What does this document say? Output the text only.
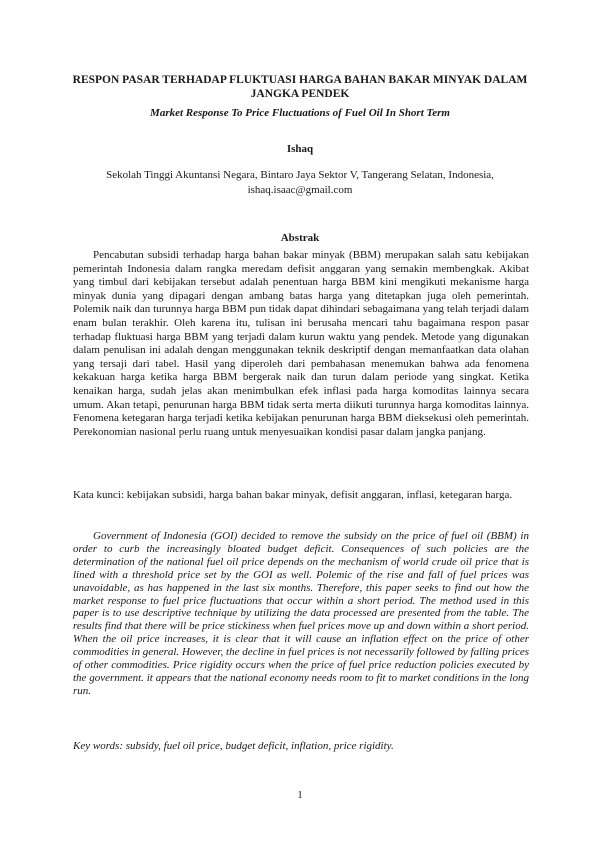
RESPON PASAR TERHADAP FLUKTUASI HARGA BAHAN BAKAR MINYAK DALAM JANGKA PENDEK
Market Response To Price Fluctuations of Fuel Oil In Short Term
Ishaq
Sekolah Tinggi Akuntansi Negara, Bintaro Jaya Sektor V, Tangerang Selatan, Indonesia,
ishaq.isaac@gmail.com
Abstrak

Pencabutan subsidi terhadap harga bahan bakar minyak (BBM) merupakan salah satu kebijakan pemerintah Indonesia dalam rangka meredam defisit anggaran yang semakin membengkak. Akibat yang timbul dari kebijakan tersebut adalah penentuan harga BBM kini mengikuti mekanisme harga minyak dunia yang dipagari dengan ambang batas harga yang ditetapkan juga oleh pemerintah. Polemik naik dan turunnya harga BBM pun tidak dapat dihindari sebagaimana yang telah terjadi dalam enam bulan terakhir. Oleh karena itu, tulisan ini berusaha mencari tahu bagaimana respon pasar terhadap fluktuasi harga BBM yang terjadi dalam kurun waktu yang pendek. Metode yang digunakan dalam penulisan ini adalah dengan menggunakan teknik deskriptif dengan memanfaatkan data olahan yang tersaji dari tabel. Hasil yang diperoleh dari pembahasan menemukan bahwa ada fenomena kekakuan harga ketika harga BBM bergerak naik dan turun dalam periode yang singkat. Ketika kenaikan harga, sudah jelas akan menimbulkan efek inflasi pada harga komoditas lainnya secara umum. Akan tetapi, penurunan harga BBM tidak serta merta diikuti turunnya harga komoditas lainnya. Fenomena ketegaran harga terjadi ketika kebijakan penurunan harga BBM dieksekusi oleh pemerintah. Perekonomian nasional perlu ruang untuk menyesuaikan kondisi pasar dalam jangka panjang.

Kata kunci: kebijakan subsidi, harga bahan bakar minyak, defisit anggaran, inflasi, ketegaran harga.

Government of Indonesia (GOI) decided to remove the subsidy on the price of fuel oil (BBM) in order to curb the increasingly bloated budget deficit. Consequences of such policies are the determination of the national fuel oil price depends on the mechanism of world crude oil price that is lined with a threshold price set by the GOI as well. Polemic of the rise and fall of fuel prices was unavoidable, as has happened in the last six months. Therefore, this paper seeks to find out how the market response to fuel price fluctuations that occur within a short period. The method used in this paper is to use descriptive technique by utilizing the data processed are presented from the table. The results find that there will be price stickiness when fuel prices move up and down within a short period. When the oil price increases, it is clear that it will cause an inflation effect on the price of other commodities in general. However, the decline in fuel prices is not necessarily followed by falling prices of other commodities. Price rigidity occurs when the price of fuel price reduction policies executed by the government. it appears that the national economy needs room to fit to market conditions in the long run.

Key words: subsidy, fuel oil price, budget deficit, inflation, price rigidity.

1
